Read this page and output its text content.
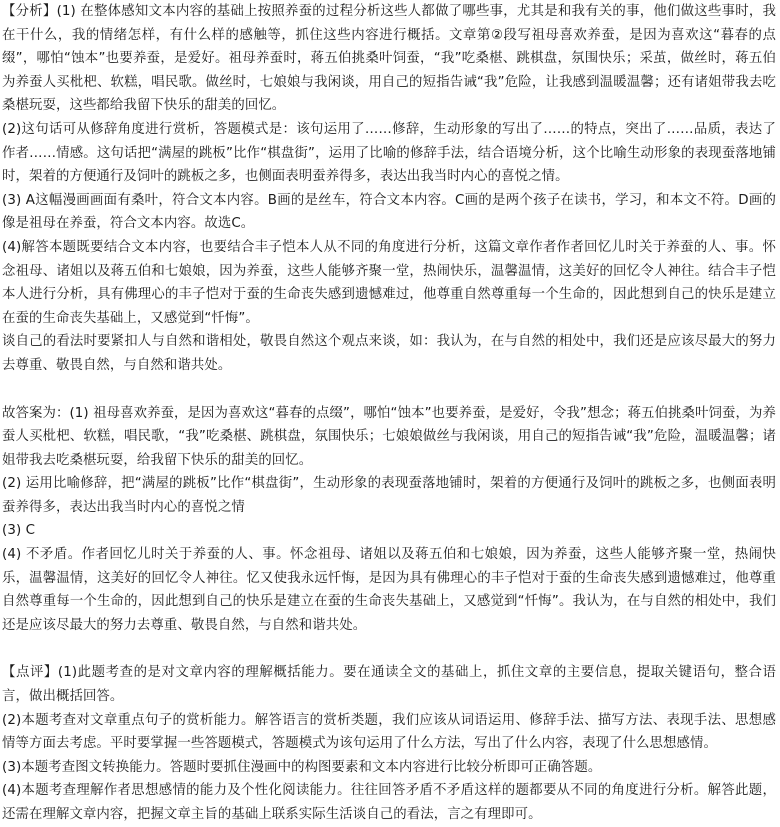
【分析】(1) 在整体感知文本内容的基础上按照养蚕的过程分析这些人都做了哪些事，尤其是和我有关的事，他们做这些事时，我在干什么，我的情绪怎样，有什么样的感触等，抓住这些内容进行概括。文章第②段写祖母喜欢养蚕，是因为喜欢这“暮春的点缀”，哪怕“蚀本”也要养蚕，是爱好。祖母养蚕时，蒋五伯挑桑叶饲蚕，“我”吃桑椹、跳棋盘，氛围快乐；采茧，做丝时，蒋五伯为养蚕人买枇杷、软糕，唱民歌。做丝时，七娘娘与我闲谈，用自己的短指告诫“我”危险，让我感到温暖温馨；还有诸姐带我去吃桑椹玩耍，这些都给我留下快乐的甜美的回忆。

(2)这句话可从修辞角度进行赏析，答题模式是：该句运用了……修辞，生动形象的写出了……的特点，突出了……品质，表达了作者……情感。这句话把“满屋的跳板”比作“棋盘街”，运用了比喻的修辞手法，结合语境分析，这个比喻生动形象的表现蚕落地铺时，架着的方便通行及饲叶的跳板之多，也侧面表明蚕养得多，表达出我当时内心的喜悦之情。

(3) A这幅漫画画面有桑叶，符合文本内容。B画的是丝车，符合文本内容。C画的是两个孩子在读书，学习，和本文不符。D画的像是祖母在养蚕，符合文本内容。故选C。

(4)解答本题既要结合文本内容，也要结合丰子恺本人从不同的角度进行分析，这篇文章作者作者回忆儿时关于养蚕的人、事。怀念祖母、诸姐以及蒋五伯和七娘娘，因为养蚕，这些人能够齐聚一堂，热闹快乐，温馨温情，这美好的回忆令人神往。结合丰子恺本人进行分析，具有佛理心的丰子恺对于蚕的生命丧失感到遗憾难过，他尊重自然尊重每一个生命的，因此想到自己的快乐是建立在蚕的生命丧失基础上，又感觉到“忏悔”。

谈自己的看法时要紧扣人与自然和谐相处，敬畏自然这个观点来谈，如：我认为，在与自然的相处中，我们还是应该尽最大的努力去尊重、敬畏自然，与自然和谐共处。

故答案为：(1) 祖母喜欢养蚕，是因为喜欢这“暮春的点缀”，哪怕“蚀本”也要养蚕，是爱好，令我”想念；蒋五伯挑桑叶饲蚕，为养蚕人买枇杷、软糕，唱民歌，“我”吃桑椹、跳棋盘，氛围快乐；七娘娘做丝与我闲谈，用自己的短指告诫“我”危险，温暖温馨；诸姐带我去吃桑椹玩耍，给我留下快乐的甜美的回忆。

(2) 运用比喻修辞，把“满屋的跳板”比作“棋盘街”，生动形象的表现蚕落地铺时，架着的方便通行及饲叶的跳板之多，也侧面表明蚕养得多，表达出我当时内心的喜悦之情

(3) C

(4) 不矛盾。作者回忆儿时关于养蚕的人、事。怀念祖母、诸姐以及蒋五伯和七娘娘，因为养蚕，这些人能够齐聚一堂，热闹快乐，温馨温情，这美好的回忆令人神往。忆又使我永远忏悔，是因为具有佛理心的丰子恺对于蚕的生命丧失感到遗憾难过，他尊重自然尊重每一个生命的，因此想到自己的快乐是建立在蚕的生命丧失基础上，又感觉到“忏悔”。我认为，在与自然的相处中，我们还是应该尽最大的努力去尊重、敬畏自然，与自然和谐共处。

【点评】(1)此题考查的是对文章内容的理解概括能力。要在通读全文的基础上，抓住文章的主要信息，提取关键语句，整合语言，做出概括回答。

(2)本题考查对文章重点句子的赏析能力。解答语言的赏析类题，我们应该从词语运用、修辞手法、描写方法、表现手法、思想感情等方面去考虑。平时要掌握一些答题模式，答题模式为该句运用了什么方法，写出了什么内容，表现了什么思想感情。

(3)本题考查图文转换能力。答题时要抓住漫画中的构图要素和文本内容进行比较分析即可正确答题。

(4)本题考查理解作者思想感情的能力及个性化阅读能力。往往回答矛盾不矛盾这样的题都要从不同的角度进行分析。解答此题，还需在理解文章内容，把握文章主旨的基础上联系实际生活谈自己的看法，言之有理即可。
